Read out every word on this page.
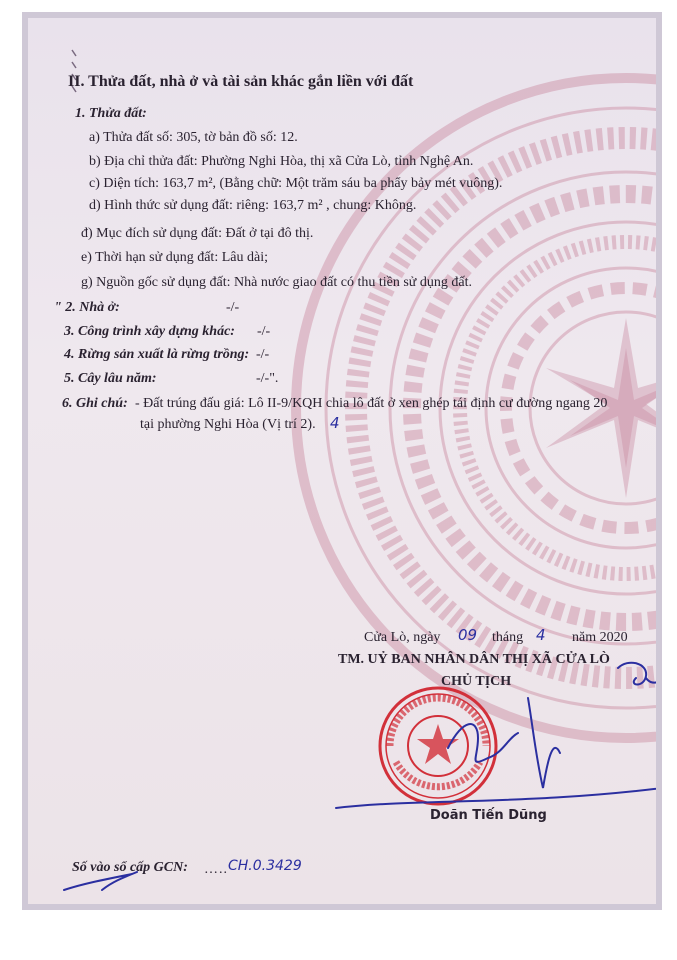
II. Thửa đất, nhà ở và tài sản khác gắn liền với đất
1. Thửa đất:
a) Thửa đất số: 305, tờ bản đồ số: 12.
b) Địa chỉ thửa đất: Phường Nghi Hòa, thị xã Cửa Lò, tỉnh Nghệ An.
c) Diện tích: 163,7 m², (Bằng chữ: Một trăm sáu ba phẩy bảy mét vuông).
d) Hình thức sử dụng đất: riêng: 163,7 m² , chung: Không.
đ) Mục đích sử dụng đất: Đất ở tại đô thị.
e) Thời hạn sử dụng đất: Lâu dài;
g) Nguồn gốc sử dụng đất: Nhà nước giao đất có thu tiền sử dụng đất.
" 2. Nhà ở:	-/-
3. Công trình xây dựng khác: -/-
4. Rừng sản xuất là rừng trồng: -/-
5. Cây lâu năm:	-/-".
6. Ghi chú: - Đất trúng đấu giá: Lô II-9/KQH chia lô đất ở xen ghép tái định cư đường ngang 20
tại phường Nghi Hòa (Vị trí 2). 4
Cửa Lò, ngày 09 tháng 4 năm 2020
TM. UỶ BAN NHÂN DÂN THỊ XÃ CỬA LÒ
CHỦ TỊCH
Doãn Tiến Dũng
Số vào sổ cấp GCN: ….. CH.0.3429
